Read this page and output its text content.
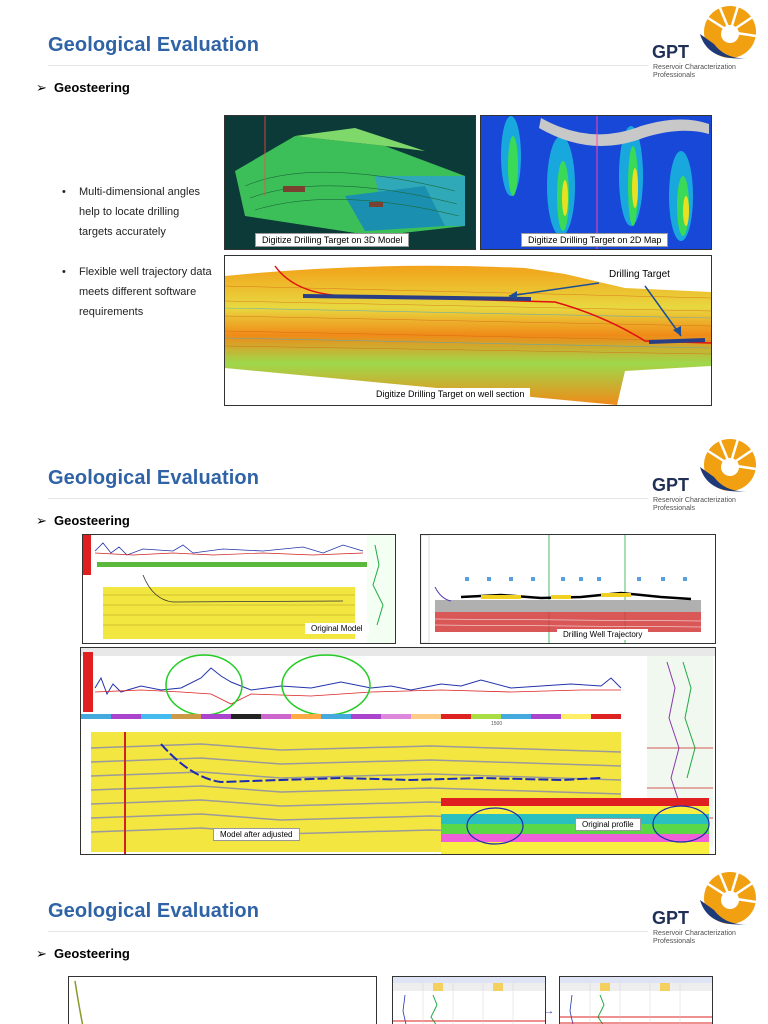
Geological Evaluation	GPT
Reservoir Characterization Professionals
➢ Geosteering
• Multi-dimensional angles help to locate drilling targets accurately
• Flexible well trajectory data meets different software requirements
Digitize Drilling Target on 3D Model	Digitize Drilling Target on 2D Map
Drilling Target
Digitize Drilling Target on well section
Geological Evaluation	GPT
Reservoir Characterization Professionals
➢ Geosteering
Original Model
Drilling Well Trajectory
1500
Model after adjusted
Original profile
Geological Evaluation	GPT
Reservoir Characterization Professionals
➢ Geosteering
→
